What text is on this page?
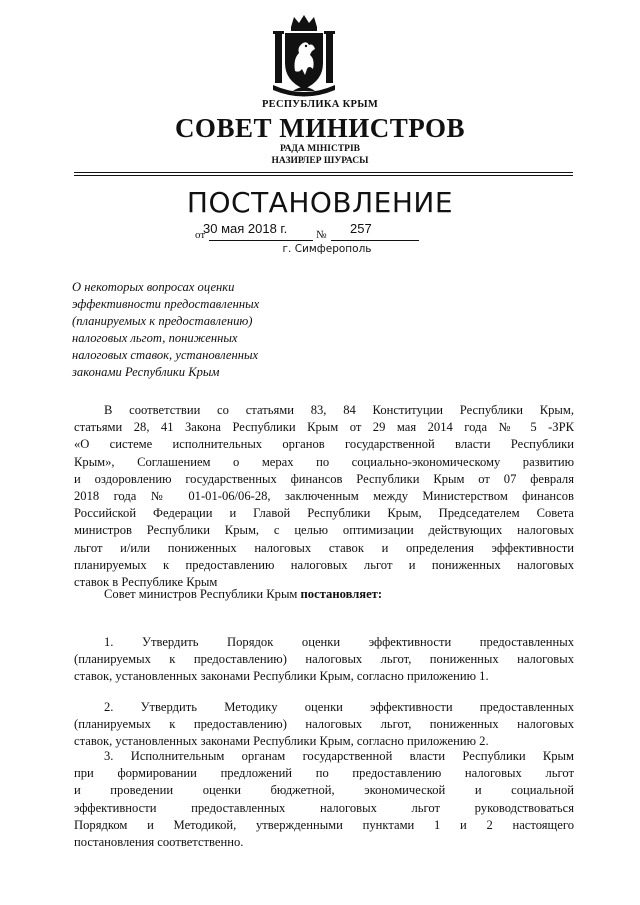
РЕСПУБЛИКА КРЫМ
СОВЕТ МИНИСТРОВ
РАДА МІНІСТРІВ
НАЗИРЛЕР ШУРАСЫ
ПОСТАНОВЛЕНИЕ
от
30 мая 2018 г.	№ 257
г. Симферополь
О некоторых вопросах оценки
эффективности предоставленных
(планируемых к предоставлению)
налоговых льгот, пониженных
налоговых ставок, установленных
законами Республики Крым
В соответствии со статьями 83, 84 Конституции Республики Крым,
статьями 28, 41 Закона Республики Крым от 29 мая 2014 года № 5 -ЗРК
«О системе исполнительных органов государственной власти Республики
Крым», Соглашением о мерах по социально-экономическому развитию
и оздоровлению государственных финансов Республики Крым от 07 февраля
2018 года № 01-01-06/06-28, заключенным между Министерством финансов
Российской Федерации и Главой Республики Крым, Председателем Совета
министров Республики Крым, с целью оптимизации действующих налоговых
льгот и/или пониженных налоговых ставок и определения эффективности
планируемых к предоставлению налоговых льгот и пониженных налоговых
ставок в Республике Крым
Совет министров Республики Крым постановляет:
1. Утвердить Порядок оценки эффективности предоставленных
(планируемых к предоставлению) налоговых льгот, пониженных налоговых
ставок, установленных законами Республики Крым, согласно приложению 1.
2. Утвердить Методику оценки эффективности предоставленных
(планируемых к предоставлению) налоговых льгот, пониженных налоговых
ставок, установленных законами Республики Крым, согласно приложению 2.
3. Исполнительным органам государственной власти Республики Крым
при формировании предложений по предоставлению налоговых льгот
и проведении оценки бюджетной, экономической и социальной
эффективности предоставленных налоговых льгот руководствоваться
Порядком и Методикой, утвержденными пунктами 1 и 2 настоящего
постановления соответственно.
